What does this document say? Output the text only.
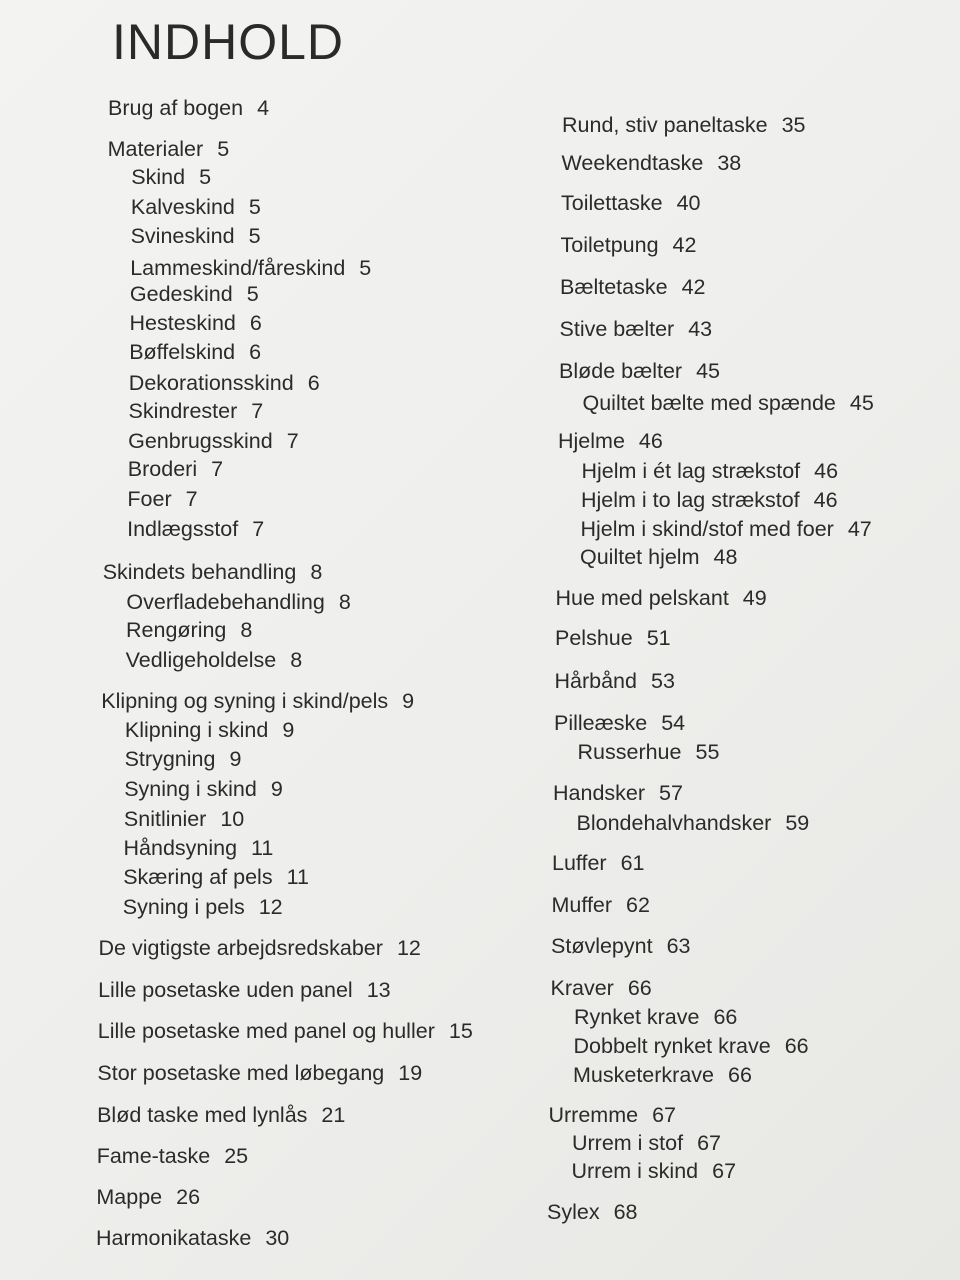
INDHOLD
Brug af bogen 4
Materialer 5
Skind 5
Kalveskind 5
Svineskind 5
Lammeskind/fåreskind 5
Gedeskind 5
Hesteskind 6
Bøffelskind 6
Dekorationsskind 6
Skindrester 7
Genbrugsskind 7
Broderi 7
Foer 7
Indlægsstof 7
Skindets behandling 8
Overfladebehandling 8
Rengøring 8
Vedligeholdelse 8
Klipning og syning i skind/pels 9
Klipning i skind 9
Strygning 9
Syning i skind 9
Snitlinier 10
Håndsyning 11
Skæring af pels 11
Syning i pels 12
De vigtigste arbejdsredskaber 12
Lille posetaske uden panel 13
Lille posetaske med panel og huller 15
Stor posetaske med løbegang 19
Blød taske med lynlås 21
Fame-taske 25
Mappe 26
Harmonikataske 30
Rund, stiv paneltaske 35
Weekendtaske 38
Toilettaske 40
Toiletpung 42
Bæltetaske 42
Stive bælter 43
Bløde bælter 45
Quiltet bælte med spænde 45
Hjelme 46
Hjelm i ét lag strækstof 46
Hjelm i to lag strækstof 46
Hjelm i skind/stof med foer 47
Quiltet hjelm 48
Hue med pelskant 49
Pelshue 51
Hårbånd 53
Pilleæske 54
Russerhue 55
Handsker 57
Blondehalvhandsker 59
Luffer 61
Muffer 62
Støvlepynt 63
Kraver 66
Rynket krave 66
Dobbelt rynket krave 66
Musketerkrave 66
Urremme 67
Urrem i stof 67
Urrem i skind 67
Sylex 68
